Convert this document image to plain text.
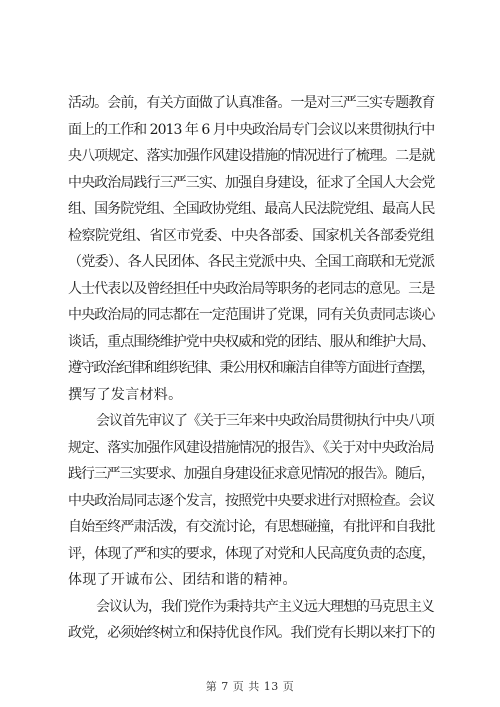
活动。会前，有关方面做了认真准备。一是对三严三实专题教育
面上的工作和 2013 年 6 月中央政治局专门会议以来贯彻执行中
央八项规定、落实加强作风建设措施的情况进行了梳理。二是就
中央政治局践行三严三实、加强自身建设，征求了全国人大会党
组、国务院党组、全国政协党组、最高人民法院党组、最高人民
检察院党组、省区市党委、中央各部委、国家机关各部委党组
（党委）、各人民团体、各民主党派中央、全国工商联和无党派
人士代表以及曾经担任中央政治局等职务的老同志的意见。三是
中央政治局的同志都在一定范围讲了党课，同有关负责同志谈心
谈话，重点围绕维护党中央权威和党的团结、服从和维护大局、
遵守政治纪律和组织纪律、秉公用权和廉洁自律等方面进行查摆，
撰写了发言材料。
会议首先审议了《关于三年来中央政治局贯彻执行中央八项
规定、落实加强作风建设措施情况的报告》、《关于对中央政治局
践行三严三实要求、加强自身建设征求意见情况的报告》。随后，
中央政治局同志逐个发言，按照党中央要求进行对照检查。会议
自始至终严肃活泼，有交流讨论，有思想碰撞，有批评和自我批
评，体现了严和实的要求，体现了对党和人民高度负责的态度，
体现了开诚布公、团结和谐的精神。
会议认为，我们党作为秉持共产主义远大理想的马克思主义
政党，必须始终树立和保持优良作风。我们党有长期以来打下的
第 7 页 共 13 页
